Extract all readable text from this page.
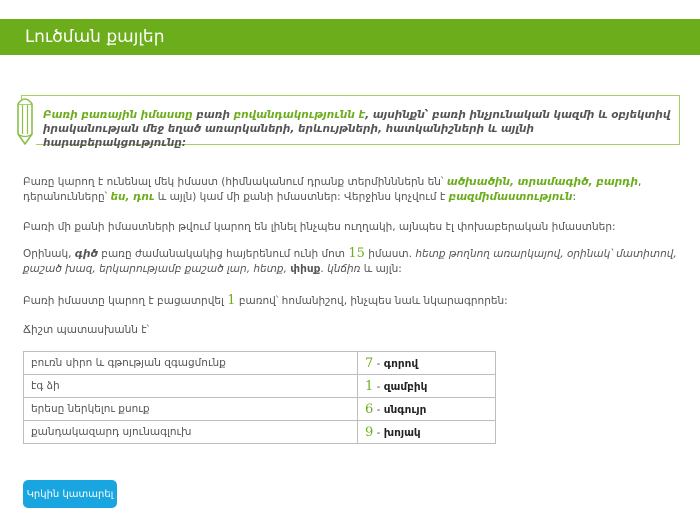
Լուծման քայլեր

Բառի բառային իմաստը բառի բովանդակությունն է, այսինքն՝ բառի ինչյունական կազմի և օբյեկտիվ իրականության մեջ եղած առարկաների, երևույթների, հատկանիշների և այլնի հարաբերակցությունը:

Բառը կարող է ունենալ մեկ իմաստ (հիմնականում դրանք տերմինններն են՝ ածխածին, տրամագիծ, բարդի, դերանունները՝ ես, դու և այլն) կամ մի քանի իմաստներ: Վերջինս կոչվում է բազմիմաստություն:

Բառի մի քանի իմաստների թվում կարող են լինել ինչպես ուղղակի, այնպես էլ փոխաբերական իմաստներ:

Օրինակ, գիծ բառը ժամանակակից հայերենում ունի մոտ 15 իմաստ. հետք թողնող առարկայով, օրինակ՝ մատիտով, քաշած խազ, երկարությամբ քաշած լար, հետք, փիսք. կնճիռ և այլն:

Բառի իմաստը կարող է բացատրվել 1 բառով՝ հոմանիշով, ինչպես նաև նկարագրորեն:

Ճիշտ պատասխանն է՝

բուռն սիրո և գթության զգացմունք	7 - գորով
էգ ձի	1 - զամբիկ
երեսը ներկելու քսուք	6 - սնգույր
քանդակազարդ սյունագլուխ	9 - խոյակ
Կրկին կատարել
